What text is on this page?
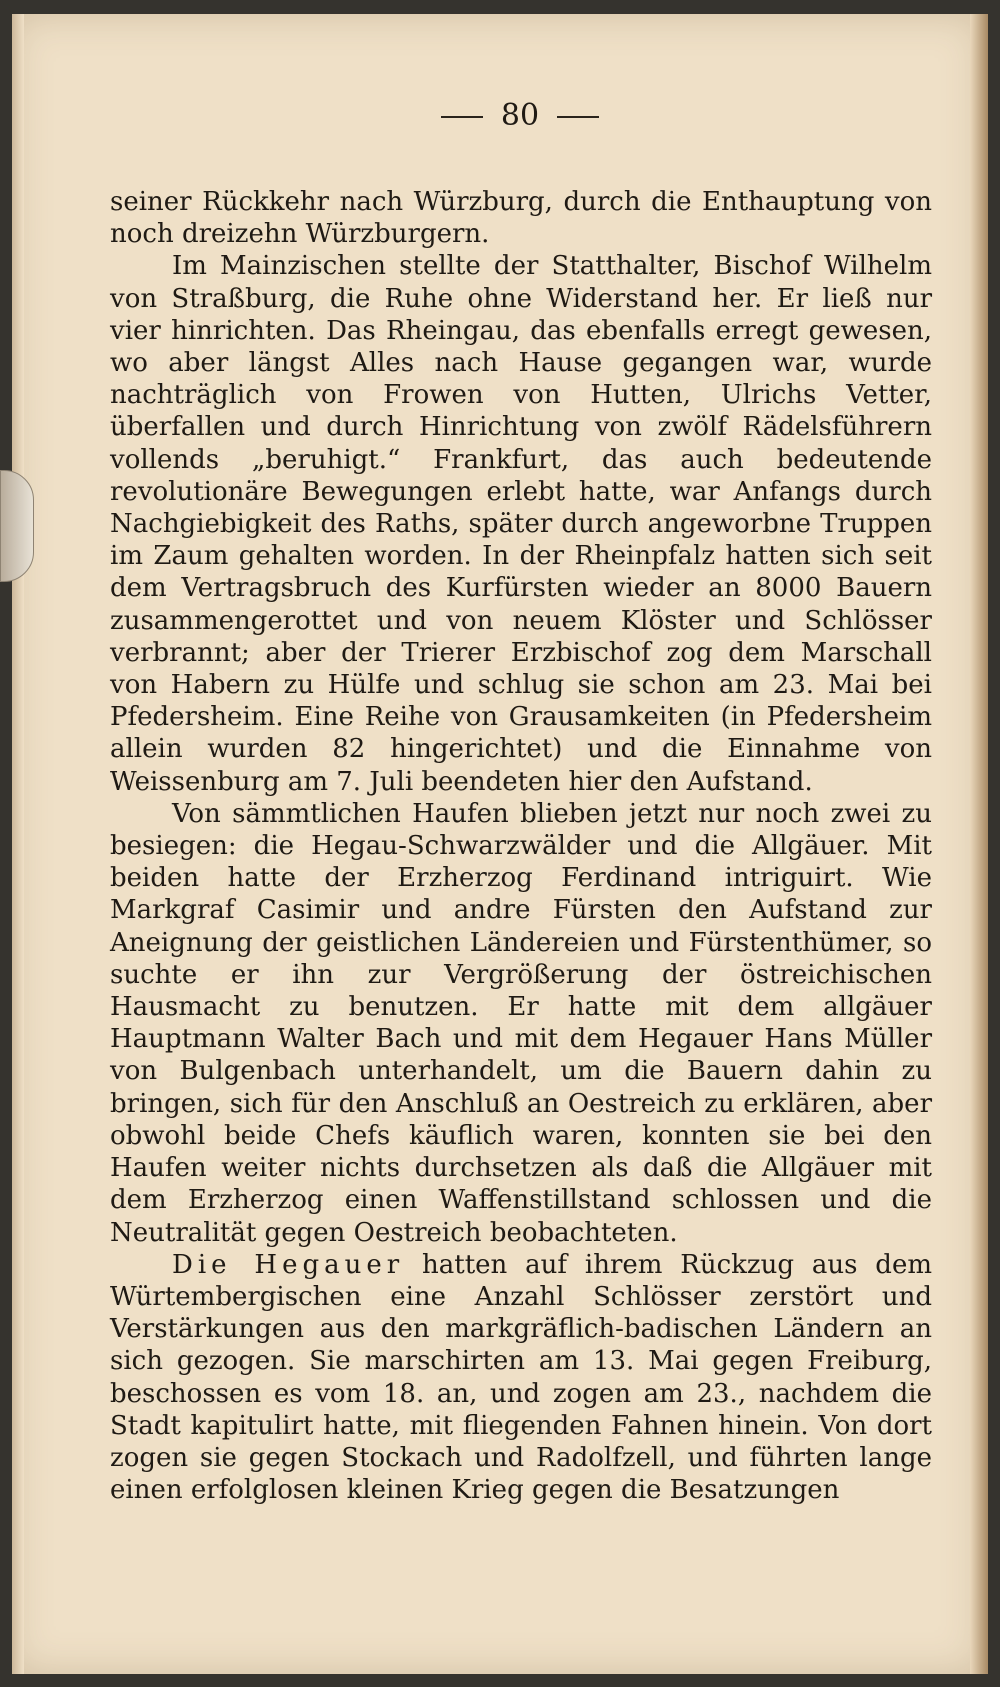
80

seiner Rückkehr nach Würzburg, durch die Enthauptung von noch dreizehn Würzburgern.

Im Mainzischen stellte der Statthalter, Bischof Wilhelm von Straßburg, die Ruhe ohne Widerstand her. Er ließ nur vier hinrichten. Das Rheingau, das ebenfalls erregt gewesen, wo aber längst Alles nach Hause gegangen war, wurde nachträglich von Frowen von Hutten, Ulrichs Vetter, überfallen und durch Hinrichtung von zwölf Rädelsführern vollends „beruhigt.“ Frankfurt, das auch bedeutende revolutionäre Bewegungen erlebt hatte, war Anfangs durch Nachgiebigkeit des Raths, später durch angeworbne Truppen im Zaum gehalten worden. In der Rheinpfalz hatten sich seit dem Vertragsbruch des Kurfürsten wieder an 8000 Bauern zusammengerottet und von neuem Klöster und Schlösser verbrannt; aber der Trierer Erzbischof zog dem Marschall von Habern zu Hülfe und schlug sie schon am 23. Mai bei Pfedersheim. Eine Reihe von Grausamkeiten (in Pfedersheim allein wurden 82 hingerichtet) und die Einnahme von Weissenburg am 7. Juli beendeten hier den Aufstand.

Von sämmtlichen Haufen blieben jetzt nur noch zwei zu besiegen: die Hegau-Schwarzwälder und die Allgäuer. Mit beiden hatte der Erzherzog Ferdinand intriguirt. Wie Markgraf Casimir und andre Fürsten den Aufstand zur Aneignung der geistlichen Ländereien und Fürstenthümer, so suchte er ihn zur Vergrößerung der östreichischen Hausmacht zu benutzen. Er hatte mit dem allgäuer Hauptmann Walter Bach und mit dem Hegauer Hans Müller von Bulgenbach unterhandelt, um die Bauern dahin zu bringen, sich für den Anschluß an Oestreich zu erklären, aber obwohl beide Chefs käuflich waren, konnten sie bei den Haufen weiter nichts durchsetzen als daß die Allgäuer mit dem Erzherzog einen Waffenstillstand schlossen und die Neutralität gegen Oestreich beobachteten.

Die Hegauer hatten auf ihrem Rückzug aus dem Würtembergischen eine Anzahl Schlösser zerstört und Verstärkungen aus den markgräflich-badischen Ländern an sich gezogen. Sie marschirten am 13. Mai gegen Freiburg, beschossen es vom 18. an, und zogen am 23., nachdem die Stadt kapitulirt hatte, mit fliegenden Fahnen hinein. Von dort zogen sie gegen Stockach und Radolfzell, und führten lange einen erfolglosen kleinen Krieg gegen die Besatzungen
